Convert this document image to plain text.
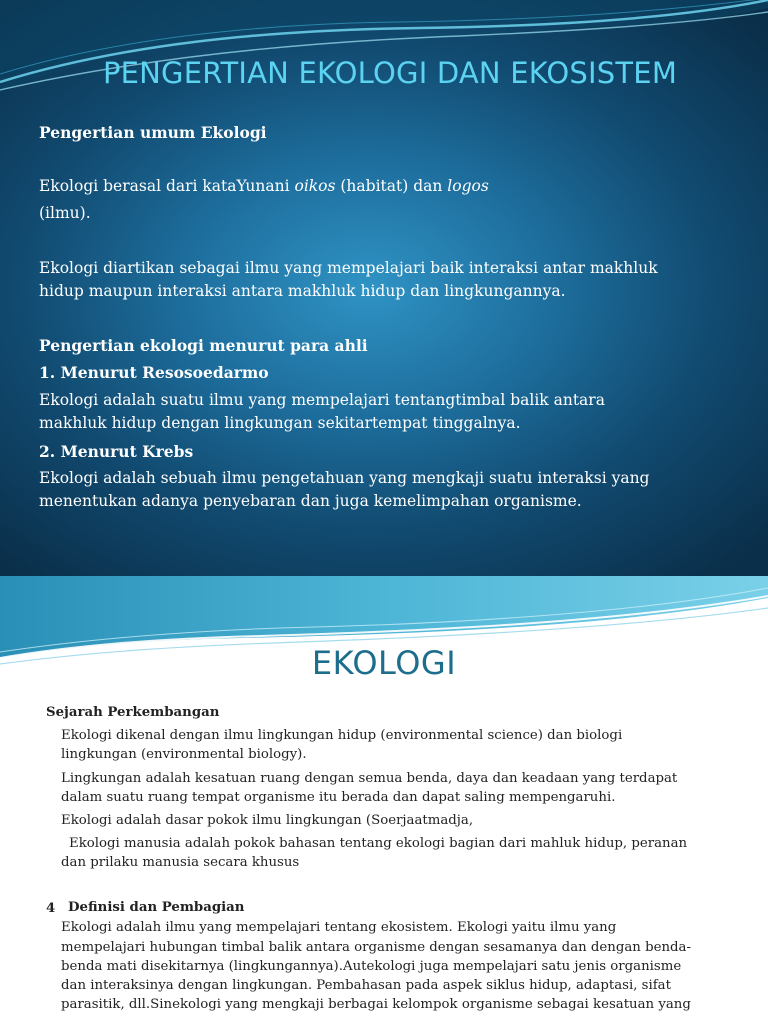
PENGERTIAN EKOLOGI DAN EKOSISTEM
Pengertian umum Ekologi
Ekologi berasal dari kataYunani oikos (habitat) dan logos
(ilmu).
Ekologi diartikan sebagai ilmu yang mempelajari baik interaksi antar makhluk
hidup maupun interaksi antara makhluk hidup dan lingkungannya.
Pengertian ekologi menurut para ahli
1. Menurut Resosoedarmo
Ekologi adalah suatu ilmu yang mempelajari tentangtimbal balik antara
makhluk hidup dengan lingkungan sekitartempat tinggalnya.
2. Menurut Krebs
Ekologi adalah sebuah ilmu pengetahuan yang mengkaji suatu interaksi yang
menentukan adanya penyebaran dan juga kemelimpahan organisme.
EKOLOGI
Sejarah Perkembangan
Ekologi dikenal dengan ilmu lingkungan hidup (environmental science) dan biologi
lingkungan (environmental biology).
Lingkungan adalah kesatuan ruang dengan semua benda, daya dan keadaan yang terdapat
dalam suatu ruang tempat organisme itu berada dan dapat saling mempengaruhi.
Ekologi adalah dasar pokok ilmu lingkungan (Soerjaatmadja,
Ekologi manusia adalah pokok bahasan tentang ekologi bagian dari mahluk hidup, peranan
dan prilaku manusia secara khusus
4 Definisi dan Pembagian
Ekologi adalah ilmu yang mempelajari tentang ekosistem. Ekologi yaitu ilmu yang
mempelajari hubungan timbal balik antara organisme dengan sesamanya dan dengan benda-
benda mati disekitarnya (lingkungannya).Autekologi juga mempelajari satu jenis organisme
dan interaksinya dengan lingkungan. Pembahasan pada aspek siklus hidup, adaptasi, sifat
parasitik, dll.Sinekologi yang mengkaji berbagai kelompok organisme sebagai kesatuan yang
